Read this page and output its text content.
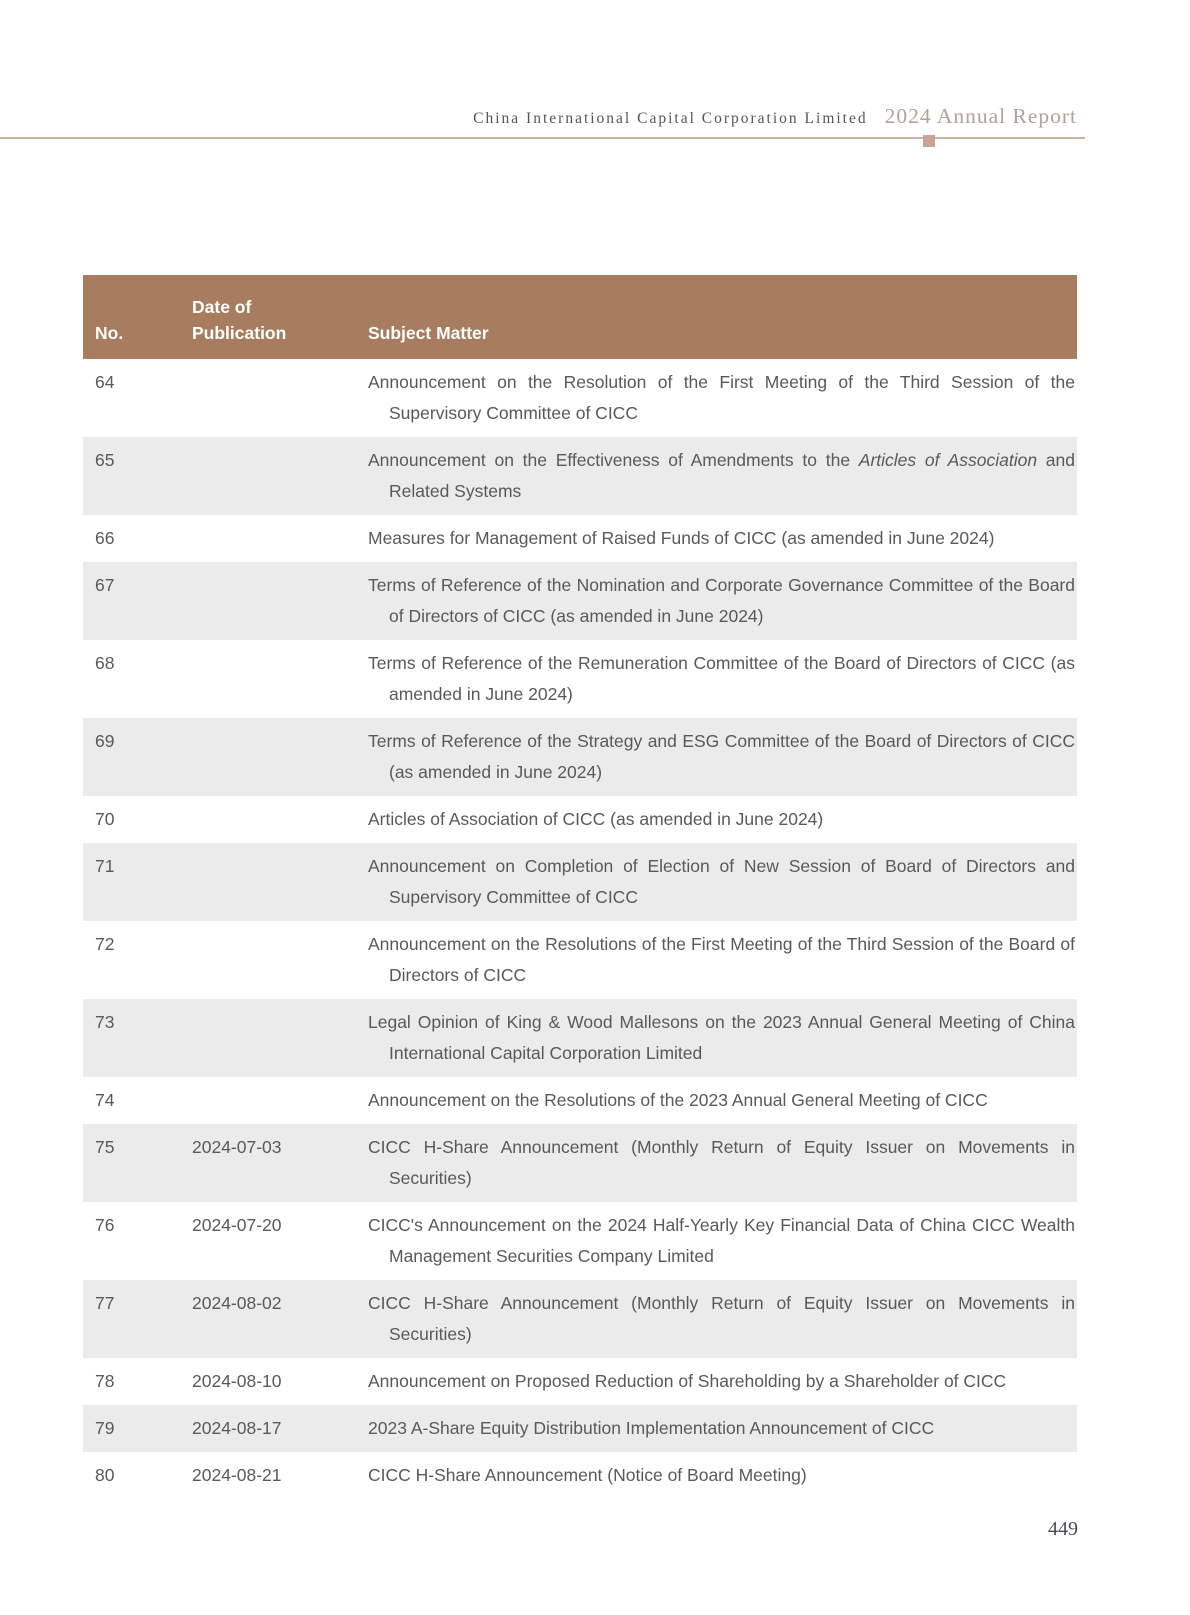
China International Capital Corporation Limited 2024 Annual Report
No.	Date of Publication	Subject Matter
64		Announcement on the Resolution of the First Meeting of the Third Session of the Supervisory Committee of CICC

65		Announcement on the Effectiveness of Amendments to the Articles of Association and Related Systems

66		Measures for Management of Raised Funds of CICC (as amended in June 2024)

67		Terms of Reference of the Nomination and Corporate Governance Committee of the Board of Directors of CICC (as amended in June 2024)

68		Terms of Reference of the Remuneration Committee of the Board of Directors of CICC (as amended in June 2024)

69		Terms of Reference of the Strategy and ESG Committee of the Board of Directors of CICC (as amended in June 2024)

70		Articles of Association of CICC (as amended in June 2024)

71		Announcement on Completion of Election of New Session of Board of Directors and Supervisory Committee of CICC

72		Announcement on the Resolutions of the First Meeting of the Third Session of the Board of Directors of CICC

73		Legal Opinion of King & Wood Mallesons on the 2023 Annual General Meeting of China International Capital Corporation Limited

74		Announcement on the Resolutions of the 2023 Annual General Meeting of CICC

75	2024-07-03	CICC H-Share Announcement (Monthly Return of Equity Issuer on Movements in Securities)

76	2024-07-20	CICC's Announcement on the 2024 Half-Yearly Key Financial Data of China CICC Wealth Management Securities Company Limited

77	2024-08-02	CICC H-Share Announcement (Monthly Return of Equity Issuer on Movements in Securities)

78	2024-08-10	Announcement on Proposed Reduction of Shareholding by a Shareholder of CICC

79	2024-08-17	2023 A-Share Equity Distribution Implementation Announcement of CICC

80	2024-08-21	CICC H-Share Announcement (Notice of Board Meeting)
449
